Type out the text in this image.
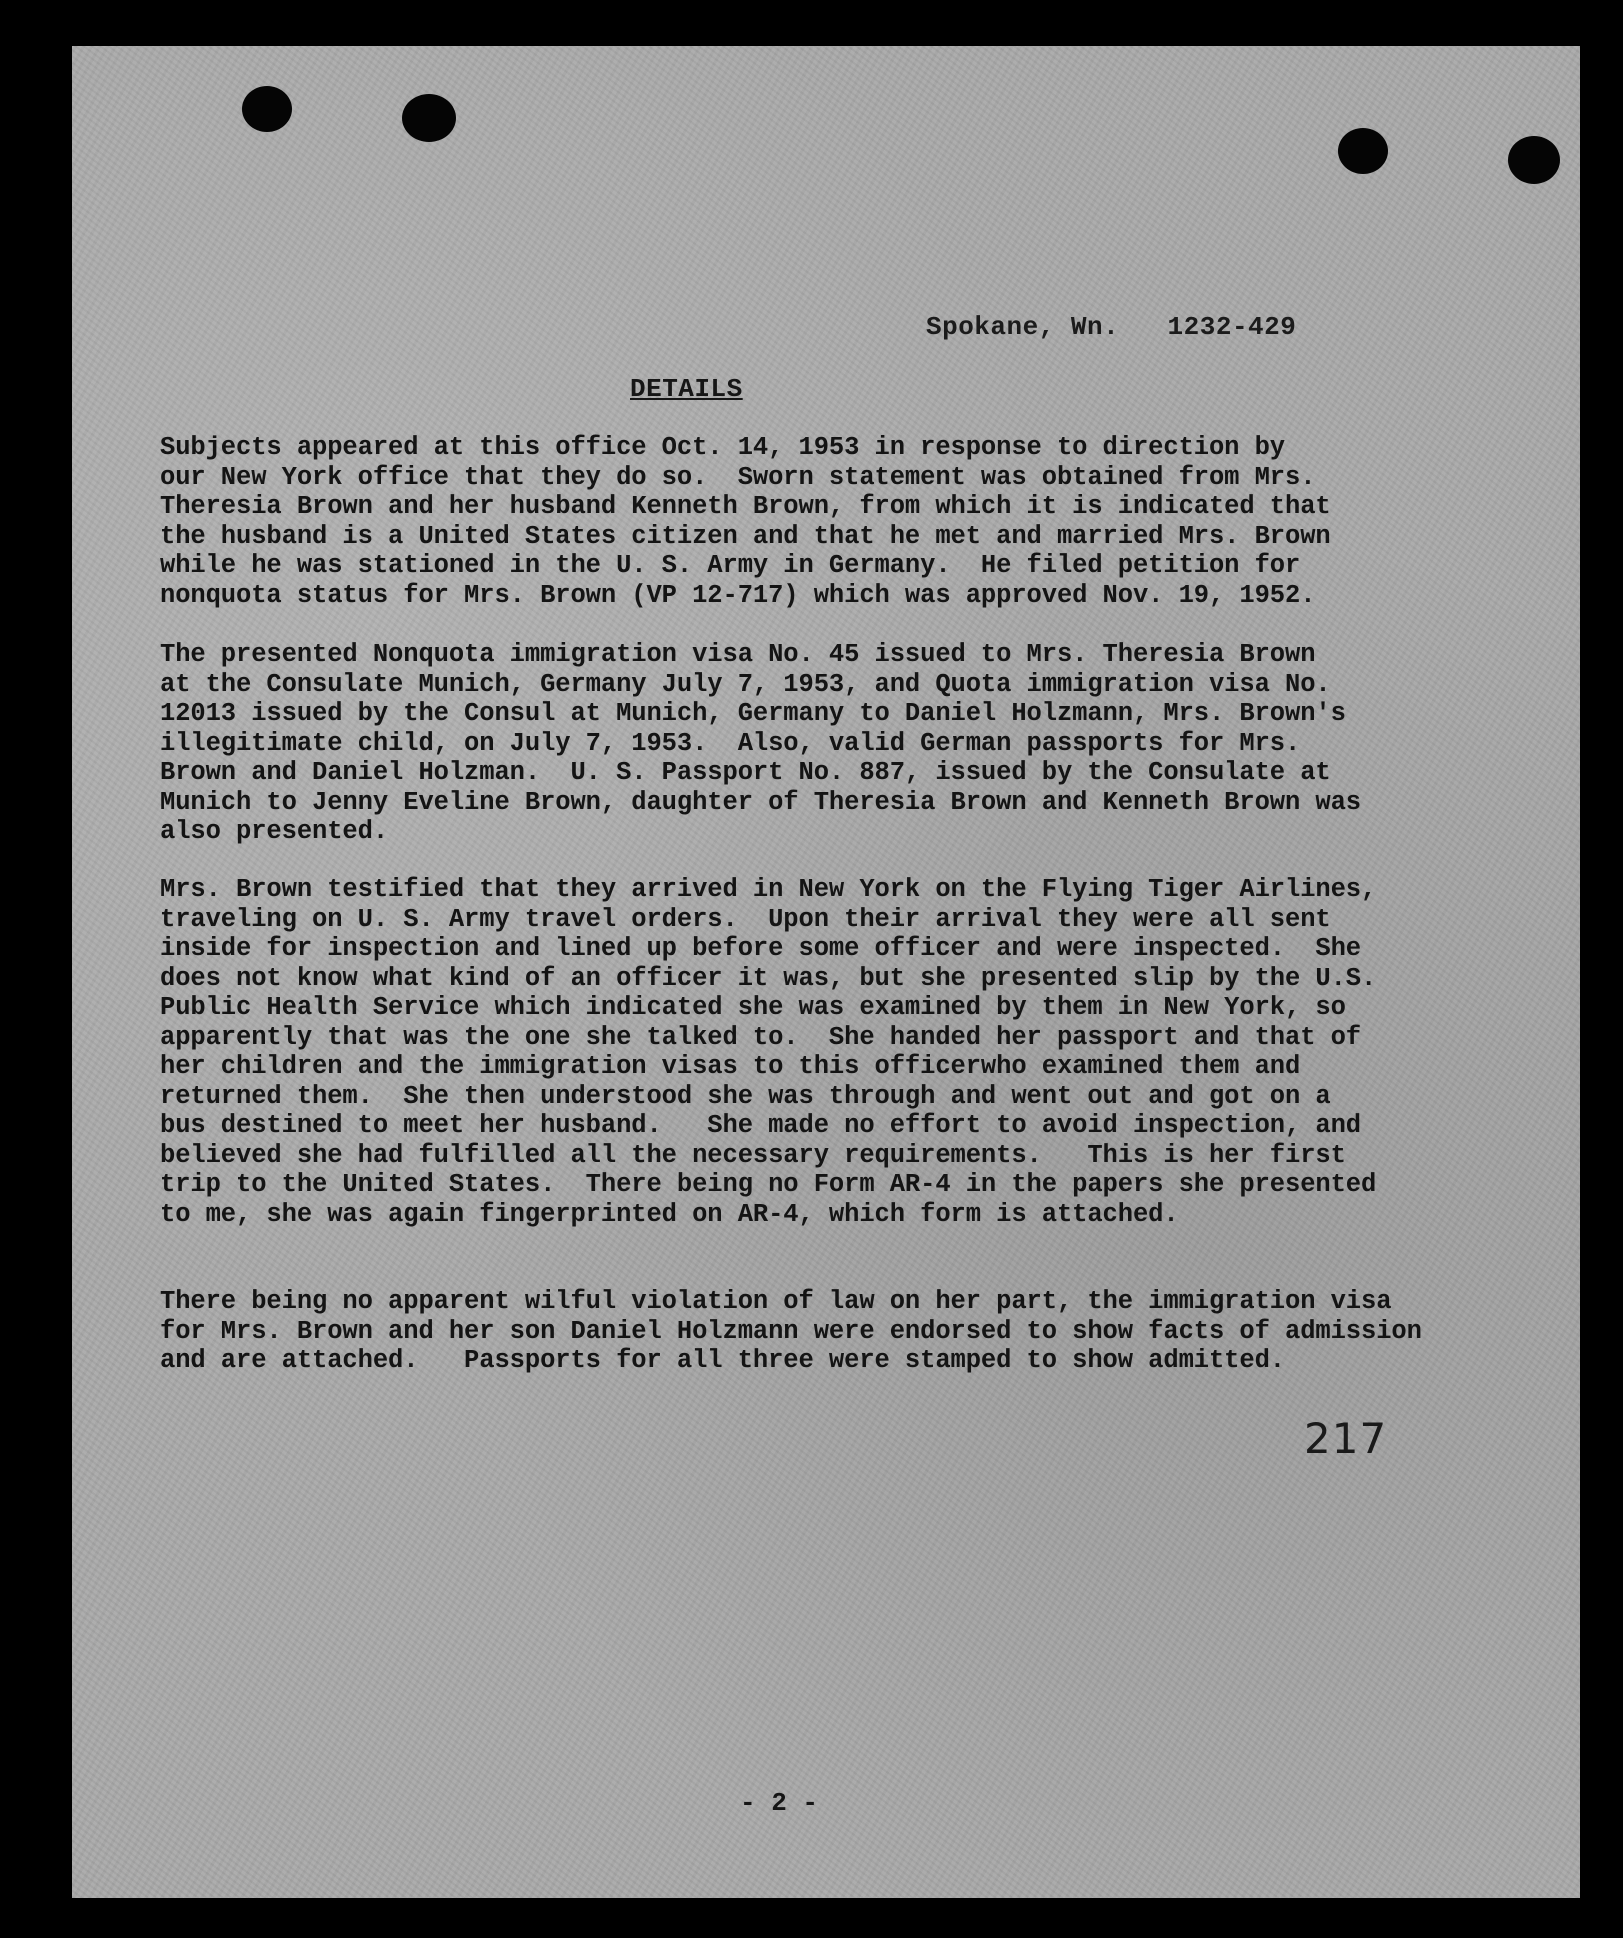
Spokane, Wn.   1232-429
DETAILS

Subjects appeared at this office Oct. 14, 1953 in response to direction by
our New York office that they do so.  Sworn statement was obtained from Mrs.
Theresia Brown and her husband Kenneth Brown, from which it is indicated that
the husband is a United States citizen and that he met and married Mrs. Brown
while he was stationed in the U. S. Army in Germany.  He filed petition for
nonquota status for Mrs. Brown (VP 12-717) which was approved Nov. 19, 1952.

The presented Nonquota immigration visa No. 45 issued to Mrs. Theresia Brown
at the Consulate Munich, Germany July 7, 1953, and Quota immigration visa No.
12013 issued by the Consul at Munich, Germany to Daniel Holzmann, Mrs. Brown's
illegitimate child, on July 7, 1953.  Also, valid German passports for Mrs.
Brown and Daniel Holzman.  U. S. Passport No. 887, issued by the Consulate at
Munich to Jenny Eveline Brown, daughter of Theresia Brown and Kenneth Brown was
also presented.

Mrs. Brown testified that they arrived in New York on the Flying Tiger Airlines,
traveling on U. S. Army travel orders.  Upon their arrival they were all sent
inside for inspection and lined up before some officer and were inspected.  She
does not know what kind of an officer it was, but she presented slip by the U.S.
Public Health Service which indicated she was examined by them in New York, so
apparently that was the one she talked to.  She handed her passport and that of
her children and the immigration visas to this officerwho examined them and
returned them.  She then understood she was through and went out and got on a
bus destined to meet her husband.   She made no effort to avoid inspection, and
believed she had fulfilled all the necessary requirements.   This is her first
trip to the United States.  There being no Form AR-4 in the papers she presented
to me, she was again fingerprinted on AR-4, which form is attached.

There being no apparent wilful violation of law on her part, the immigration visa
for Mrs. Brown and her son Daniel Holzmann were endorsed to show facts of admission
and are attached.   Passports for all three were stamped to show admitted.

217
- 2 -
